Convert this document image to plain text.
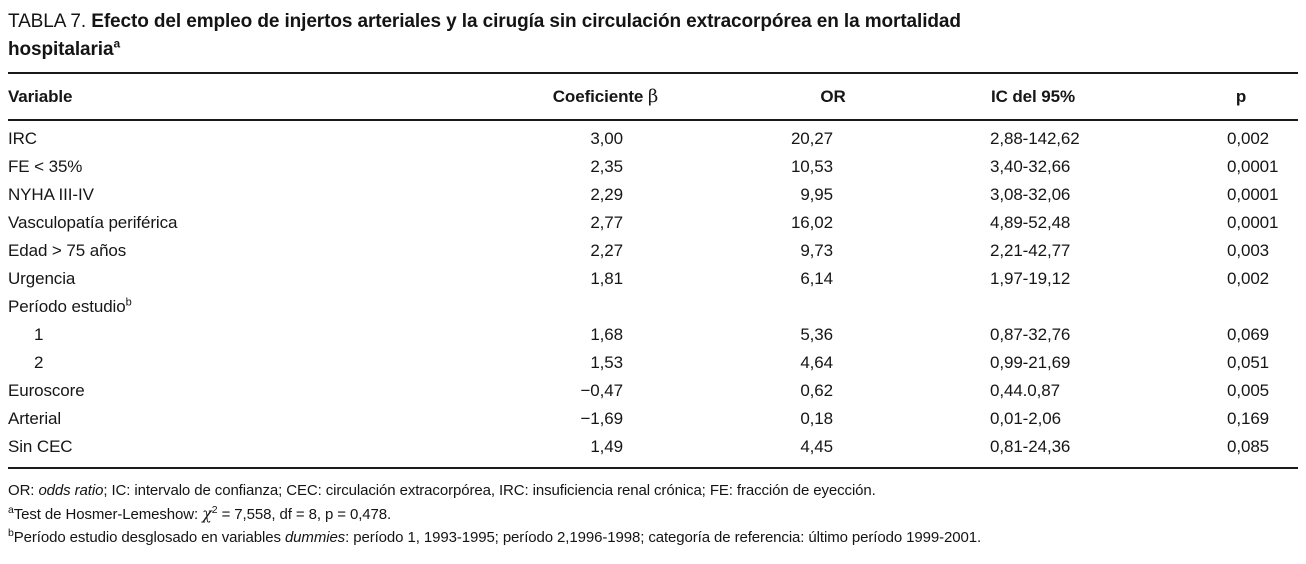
TABLA 7. Efecto del empleo de injertos arteriales y la cirugía sin circulación extracorpórea en la mortalidad
hospitalaria$^a$
Variable	Coeficiente β	OR	IC del 95%	p
IRC	3,00	20,27	2,88-142,62	0,002
FE < 35%	2,35	10,53	3,40-32,66	0,0001
NYHA III-IV	2,29	9,95	3,08-32,06	0,0001
Vasculopatía periférica	2,77	16,02	4,89-52,48	0,0001
Edad > 75 años	2,27	9,73	2,21-42,77	0,003
Urgencia	1,81	6,14	1,97-19,12	0,002
Período estudio$^b$				
1	1,68	5,36	0,87-32,76	0,069
2	1,53	4,64	0,99-21,69	0,051
Euroscore	−0,47	0,62	0,44.0,87	0,005
Arterial	−1,69	0,18	0,01-2,06	0,169
Sin CEC	1,49	4,45	0,81-24,36	0,085

OR: odds ratio; IC: intervalo de confianza; CEC: circulación extracorpórea, IRC: insuficiencia renal crónica; FE: fracción de eyección.

$^a$Test de Hosmer-Lemeshow: $\chi^2 = 7,558$, df = 8, p = 0,478.

$^b$Período estudio desglosado en variables dummies: período 1, 1993-1995; período 2,1996-1998; categoría de referencia: último período 1999-2001.
